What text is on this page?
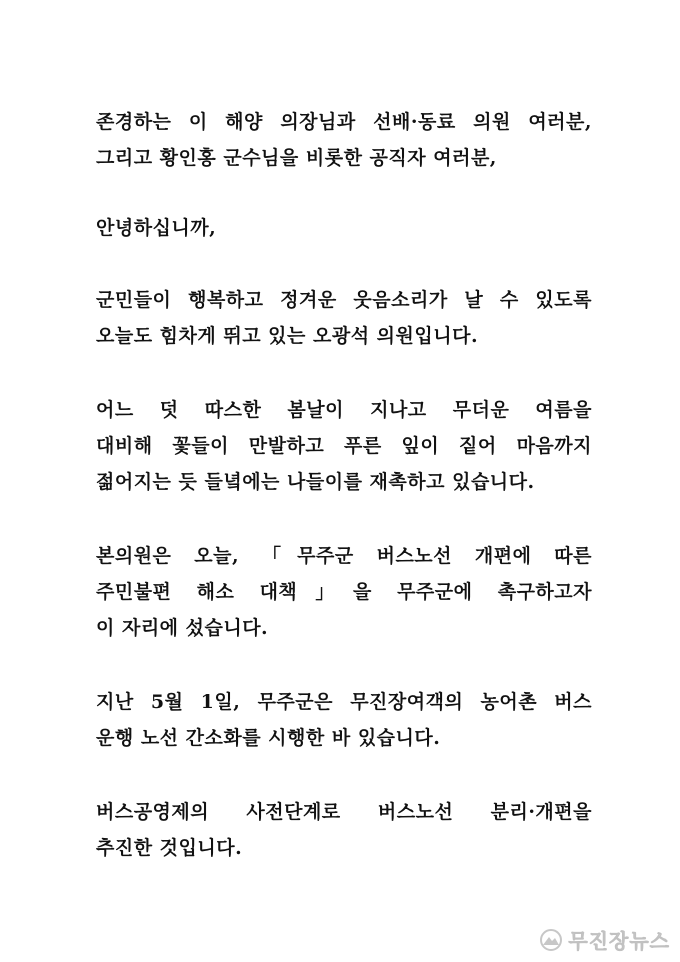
존경하는 이 해양 의장님과 선배·동료 의원 여러분,
그리고 황인홍 군수님을 비롯한 공직자 여러분,
안녕하십니까,
군민들이 행복하고 정겨운 웃음소리가 날 수 있도록
오늘도 힘차게 뛰고 있는 오광석 의원입니다.
어느 덧 따스한 봄날이 지나고 무더운 여름을
대비해 꽃들이 만발하고 푸른 잎이 짙어 마음까지
젊어지는 듯 들녘에는 나들이를 재촉하고 있습니다.
본의원은 오늘, 「무주군 버스노선 개편에 따른
주민불편 해소 대책」을 무주군에 촉구하고자
이 자리에 섰습니다.
지난 5월 1일, 무주군은 무진장여객의 농어촌 버스
운행 노선 간소화를 시행한 바 있습니다.
버스공영제의 사전단계로 버스노선 분리·개편을
추진한 것입니다.
무진장뉴스
